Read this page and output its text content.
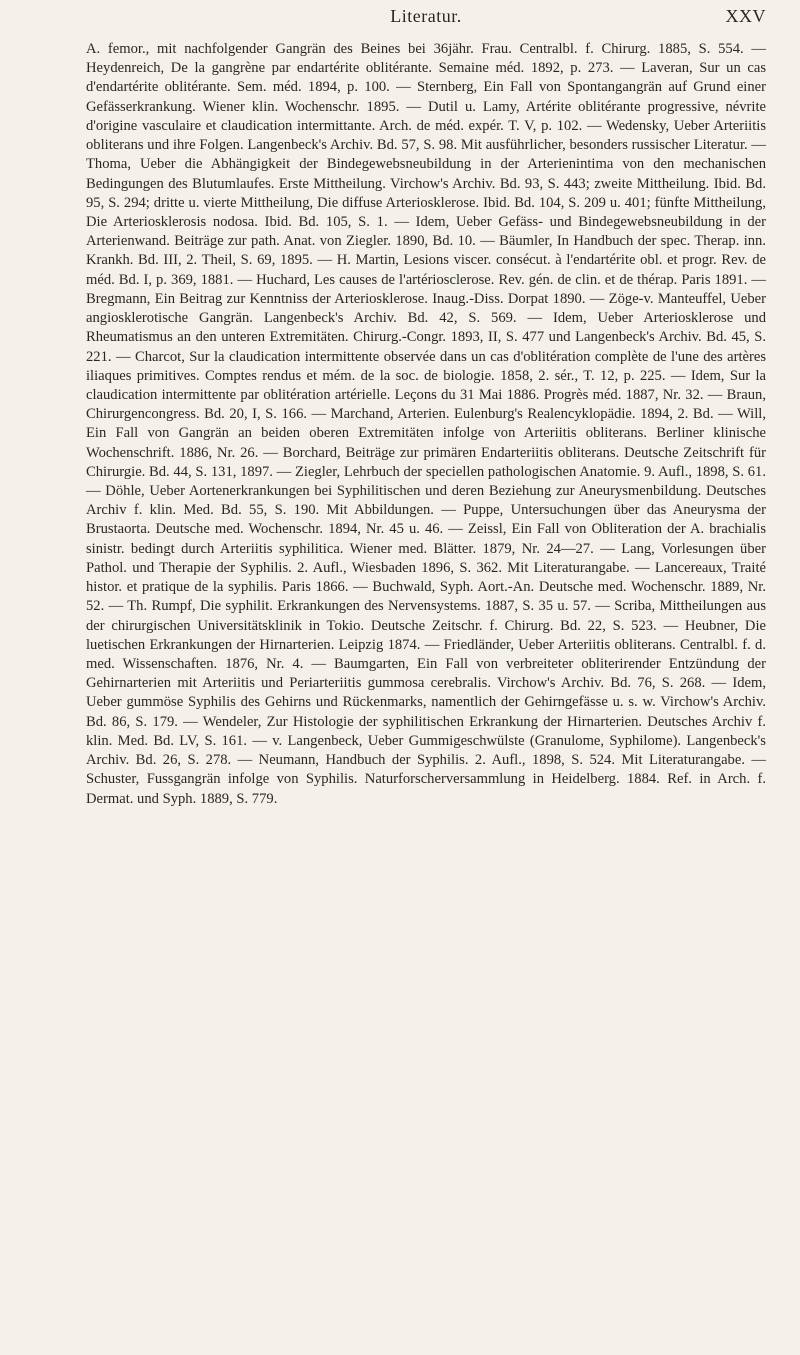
Literatur.	XXV

A. femor., mit nachfolgender Gangrän des Beines bei 36jähr. Frau. Centralbl. f. Chirurg. 1885, S. 554. — Heydenreich, De la gangrène par endartérite oblitérante. Semaine méd. 1892, p. 273. — Laveran, Sur un cas d'endartérite oblitérante. Sem. méd. 1894, p. 100. — Sternberg, Ein Fall von Spontangangrän auf Grund einer Gefässerkrankung. Wiener klin. Wochenschr. 1895. — Dutil u. Lamy, Artérite oblitérante progressive, névrite d'origine vasculaire et claudication intermittante. Arch. de méd. expér. T. V, p. 102. — Wedensky, Ueber Arteriitis obliterans und ihre Folgen. Langenbeck's Archiv. Bd. 57, S. 98. Mit ausführlicher, besonders russischer Literatur. — Thoma, Ueber die Abhängigkeit der Bindegewebsneubildung in der Arterienintima von den mechanischen Bedingungen des Blutumlaufes. Erste Mittheilung. Virchow's Archiv. Bd. 93, S. 443; zweite Mittheilung. Ibid. Bd. 95, S. 294; dritte u. vierte Mittheilung, Die diffuse Arteriosklerose. Ibid. Bd. 104, S. 209 u. 401; fünfte Mittheilung, Die Arteriosklerosis nodosa. Ibid. Bd. 105, S. 1. — Idem, Ueber Gefäss- und Bindegewebsneubildung in der Arterienwand. Beiträge zur path. Anat. von Ziegler. 1890, Bd. 10. — Bäumler, In Handbuch der spec. Therap. inn. Krankh. Bd. III, 2. Theil, S. 69, 1895. — H. Martin, Lesions viscer. consécut. à l'endartérite obl. et progr. Rev. de méd. Bd. I, p. 369, 1881. — Huchard, Les causes de l'artériosclerose. Rev. gén. de clin. et de thérap. Paris 1891. — Bregmann, Ein Beitrag zur Kenntniss der Arteriosklerose. Inaug.-Diss. Dorpat 1890. — Zöge-v. Manteuffel, Ueber angiosklerotische Gangrän. Langenbeck's Archiv. Bd. 42, S. 569. — Idem, Ueber Arteriosklerose und Rheumatismus an den unteren Extremitäten. Chirurg.-Congr. 1893, II, S. 477 und Langenbeck's Archiv. Bd. 45, S. 221. — Charcot, Sur la claudication intermittente observée dans un cas d'oblitération complète de l'une des artères iliaques primitives. Comptes rendus et mém. de la soc. de biologie. 1858, 2. sér., T. 12, p. 225. — Idem, Sur la claudication intermittente par oblitération artérielle. Leçons du 31 Mai 1886. Progrès méd. 1887, Nr. 32. — Braun, Chirurgencongress. Bd. 20, I, S. 166. — Marchand, Arterien. Eulenburg's Realencyklopädie. 1894, 2. Bd. — Will, Ein Fall von Gangrän an beiden oberen Extremitäten infolge von Arteriitis obliterans. Berliner klinische Wochenschrift. 1886, Nr. 26. — Borchard, Beiträge zur primären Endarteriitis obliterans. Deutsche Zeitschrift für Chirurgie. Bd. 44, S. 131, 1897. — Ziegler, Lehrbuch der speciellen pathologischen Anatomie. 9. Aufl., 1898, S. 61. — Döhle, Ueber Aortenerkrankungen bei Syphilitischen und deren Beziehung zur Aneurysmenbildung. Deutsches Archiv f. klin. Med. Bd. 55, S. 190. Mit Abbildungen. — Puppe, Untersuchungen über das Aneurysma der Brustaorta. Deutsche med. Wochenschr. 1894, Nr. 45 u. 46. — Zeissl, Ein Fall von Obliteration der A. brachialis sinistr. bedingt durch Arteriitis syphilitica. Wiener med. Blätter. 1879, Nr. 24—27. — Lang, Vorlesungen über Pathol. und Therapie der Syphilis. 2. Aufl., Wiesbaden 1896, S. 362. Mit Literaturangabe. — Lancereaux, Traité histor. et pratique de la syphilis. Paris 1866. — Buchwald, Syph. Aort.-An. Deutsche med. Wochenschr. 1889, Nr. 52. — Th. Rumpf, Die syphilit. Erkrankungen des Nervensystems. 1887, S. 35 u. 57. — Scriba, Mittheilungen aus der chirurgischen Universitätsklinik in Tokio. Deutsche Zeitschr. f. Chirurg. Bd. 22, S. 523. — Heubner, Die luetischen Erkrankungen der Hirnarterien. Leipzig 1874. — Friedländer, Ueber Arteriitis obliterans. Centralbl. f. d. med. Wissenschaften. 1876, Nr. 4. — Baumgarten, Ein Fall von verbreiteter obliterirender Entzündung der Gehirnarterien mit Arteriitis und Periarteriitis gummosa cerebralis. Virchow's Archiv. Bd. 76, S. 268. — Idem, Ueber gummöse Syphilis des Gehirns und Rückenmarks, namentlich der Gehirngefässe u. s. w. Virchow's Archiv. Bd. 86, S. 179. — Wendeler, Zur Histologie der syphilitischen Erkrankung der Hirnarterien. Deutsches Archiv f. klin. Med. Bd. LV, S. 161. — v. Langenbeck, Ueber Gummigeschwülste (Granulome, Syphilome). Langenbeck's Archiv. Bd. 26, S. 278. — Neumann, Handbuch der Syphilis. 2. Aufl., 1898, S. 524. Mit Literaturangabe. — Schuster, Fussgangrän infolge von Syphilis. Naturforscherversammlung in Heidelberg. 1884. Ref. in Arch. f. Dermat. und Syph. 1889, S. 779.
